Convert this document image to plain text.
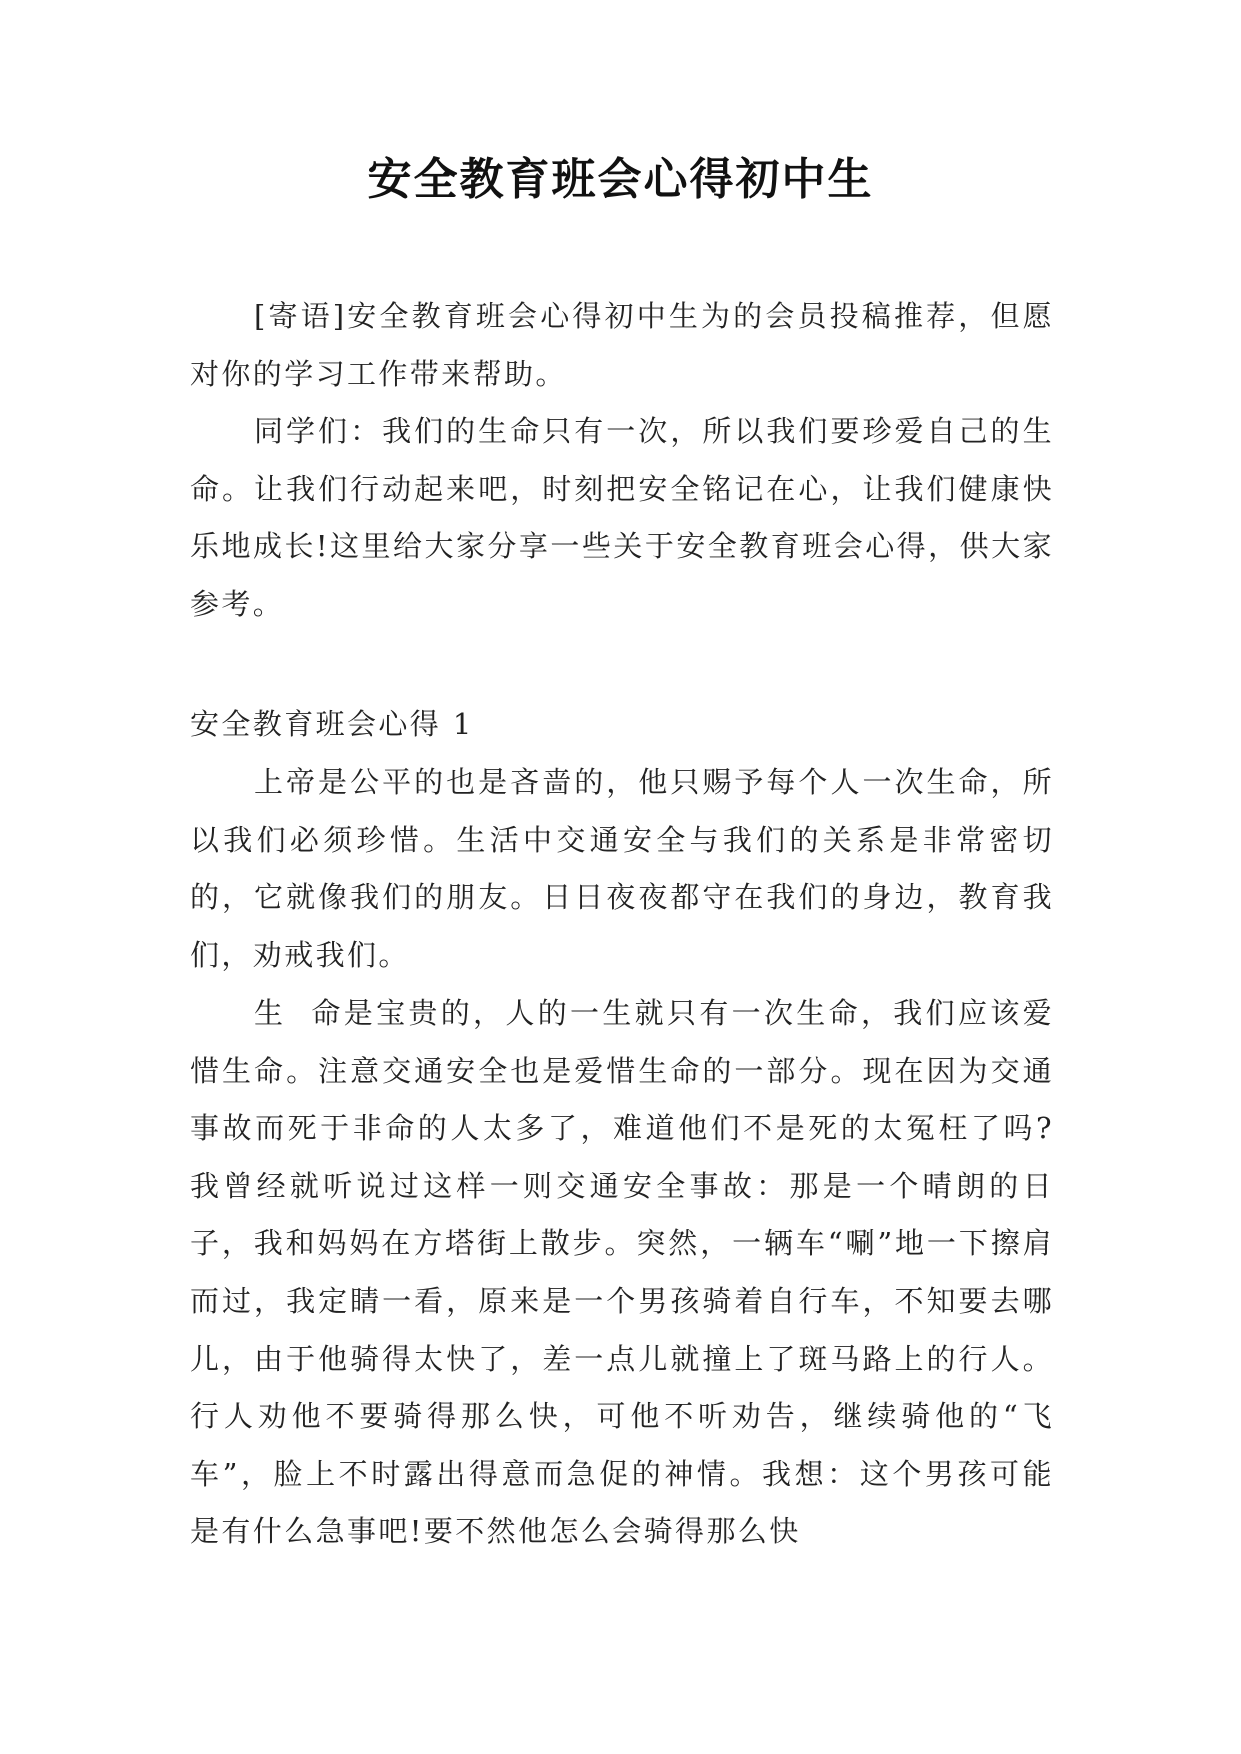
安全教育班会心得初中生

[寄语]安全教育班会心得初中生为的会员投稿推荐，但愿对你的学习工作带来帮助。

同学们：我们的生命只有一次，所以我们要珍爱自己的生命。让我们行动起来吧，时刻把安全铭记在心，让我们健康快乐地成长!这里给大家分享一些关于安全教育班会心得，供大家参考。

安全教育班会心得 1

上帝是公平的也是吝啬的，他只赐予每个人一次生命，所以我们必须珍惜。生活中交通安全与我们的关系是非常密切的，它就像我们的朋友。日日夜夜都守在我们的身边，教育我们，劝戒我们。

生  命是宝贵的，人的一生就只有一次生命，我们应该爱惜生命。注意交通安全也是爱惜生命的一部分。现在因为交通事故而死于非命的人太多了，难道他们不是死的太冤枉了吗?我曾经就听说过这样一则交通安全事故：那是一个晴朗的日子，我和妈妈在方塔街上散步。突然，一辆车“唰”地一下擦肩而过，我定睛一看，原来是一个男孩骑着自行车，不知要去哪儿，由于他骑得太快了，差一点儿就撞上了斑马路上的行人。行人劝他不要骑得那么快，可他不听劝告，继续骑他的“飞车”，脸上不时露出得意而急促的神情。我想：这个男孩可能是有什么急事吧!要不然他怎么会骑得那么快
